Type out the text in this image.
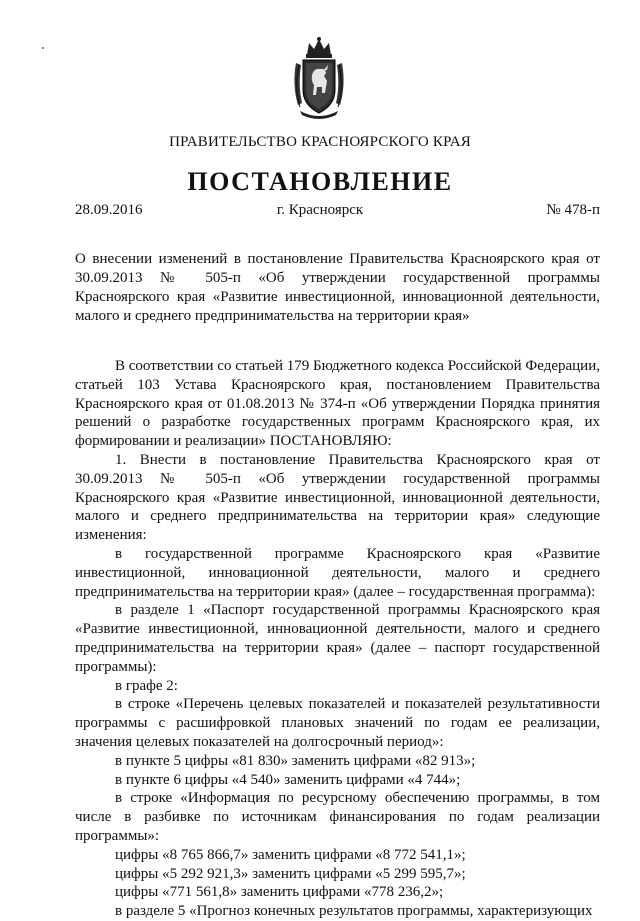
ПРАВИТЕЛЬСТВО КРАСНОЯРСКОГО КРАЯ
ПОСТАНОВЛЕНИЕ
28.09.2016	г. Красноярск	№ 478-п
О внесении изменений в постановление Правительства Красноярского края от 30.09.2013 № 505-п «Об утверждении государственной программы Красноярского края «Развитие инвестиционной, инновационной деятельности, малого и среднего предпринимательства на территории края»

В соответствии со статьей 179 Бюджетного кодекса Российской Федерации, статьей 103 Устава Красноярского края, постановлением Правительства Красноярского края от 01.08.2013 № 374-п «Об утверждении Порядка принятия решений о разработке государственных программ Красноярского края, их формировании и реализации» ПОСТАНОВЛЯЮ:

1. Внести в постановление Правительства Красноярского края от 30.09.2013 № 505-п «Об утверждении государственной программы Красноярского края «Развитие инвестиционной, инновационной деятельности, малого и среднего предпринимательства на территории края» следующие изменения:

в государственной программе Красноярского края «Развитие инвестиционной, инновационной деятельности, малого и среднего предпринимательства на территории края» (далее – государственная программа):

в разделе 1 «Паспорт государственной программы Красноярского края «Развитие инвестиционной, инновационной деятельности, малого и среднего предпринимательства на территории края» (далее – паспорт государственной программы):

в графе 2:

в строке «Перечень целевых показателей и показателей результативности программы с расшифровкой плановых значений по годам ее реализации, значения целевых показателей на долгосрочный период»:

в пункте 5 цифры «81 830» заменить цифрами «82 913»;

в пункте 6 цифры «4 540» заменить цифрами «4 744»;

в строке «Информация по ресурсному обеспечению программы, в том числе в разбивке по источникам финансирования по годам реализации программы»:

цифры «8 765 866,7» заменить цифрами «8 772 541,1»;

цифры «5 292 921,3» заменить цифрами «5 299 595,7»;

цифры «771 561,8» заменить цифрами «778 236,2»;

в разделе 5 «Прогноз конечных результатов программы, характеризующих
